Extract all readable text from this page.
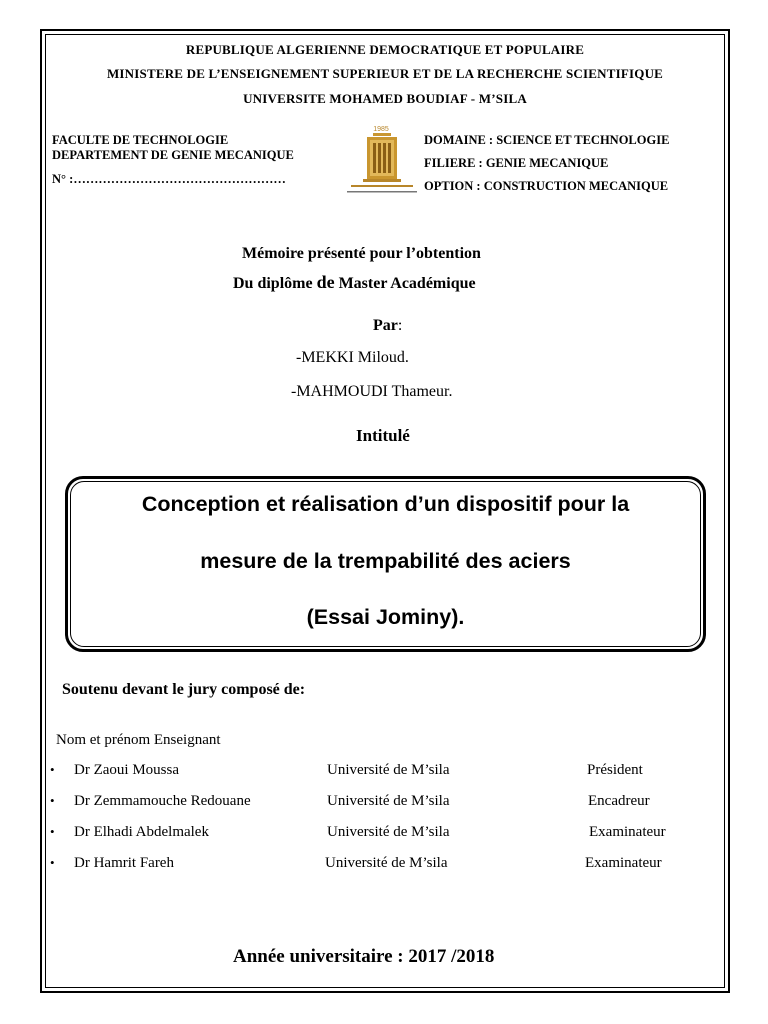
REPUBLIQUE ALGERIENNE DEMOCRATIQUE ET POPULAIRE
MINISTERE DE L’ENSEIGNEMENT SUPERIEUR ET DE LA RECHERCHE SCIENTIFIQUE
UNIVERSITE MOHAMED BOUDIAF - M’SILA
FACULTE DE TECHNOLOGIE
DEPARTEMENT DE GENIE MECANIQUE
N° :……………………………………………
1985
DOMAINE : SCIENCE ET TECHNOLOGIE
FILIERE : GENIE MECANIQUE
OPTION : CONSTRUCTION MECANIQUE
Mémoire présenté pour l’obtention
Du diplôme de Master Académique
Par:
-MEKKI Miloud.
-MAHMOUDI Thameur.
Intitulé
Conception et réalisation d’un dispositif pour la
mesure de la trempabilité des aciers
(Essai Jominy).
Soutenu devant le jury composé de:
Nom et prénom Enseignant
• Dr Zaoui Moussa	Université de M’sila	Président
• Dr Zemmamouche Redouane	Université de M’sila	Encadreur
• Dr Elhadi Abdelmalek	Université de M’sila	Examinateur
• Dr Hamrit Fareh	Université de M’sila	Examinateur
Année universitaire : 2017 /2018
